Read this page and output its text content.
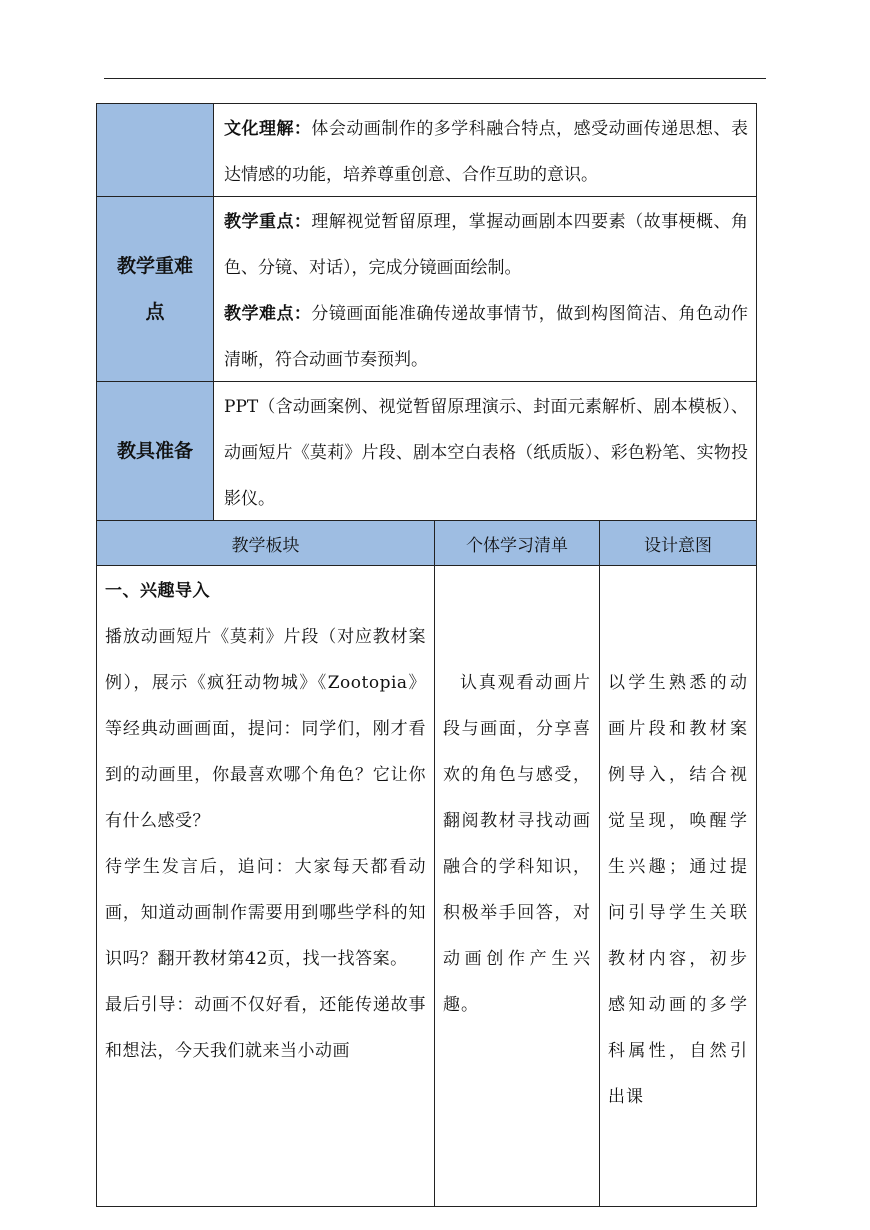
	文化理解：体会动画制作的多学科融合特点，感受动画传递思想、表达情感的功能，培养尊重创意、合作互助的意识。		

教学重难点	教学重点：理解视觉暂留原理，掌握动画剧本四要素（故事梗概、角色、分镜、对话），完成分镜画面绘制。
教学难点：分镜画面能准确传递故事情节，做到构图简洁、角色动作清晰，符合动画节奏预判。		

教具准备	PPT（含动画案例、视觉暂留原理演示、封面元素解析、剧本模板）、动画短片《莫莉》片段、剧本空白表格（纸质版）、彩色粉笔、实物投影仪。		

教学板块		个体学习清单	设计意图

一、兴趣导入
播放动画短片《莫莉》片段（对应教材案例），展示《疯狂动物城》《Zootopia》等经典动画画面，提问：同学们，刚才看到的动画里，你最喜欢哪个角色？它让你有什么感受？
待学生发言后，追问：大家每天都看动画，知道动画制作需要用到哪些学科的知识吗？翻开教材第42页，找一找答案。
最后引导：动画不仅好看，还能传递故事和想法，今天我们就来当小动画		认真观看动画片段与画面，分享喜欢的角色与感受，翻阅教材寻找动画融合的学科知识，积极举手回答，对动画创作产生兴趣。	以学生熟悉的动画片段和教材案例导入，结合视觉呈现，唤醒学生兴趣；通过提问引导学生关联教材内容，初步感知动画的多学科属性，自然引出课
